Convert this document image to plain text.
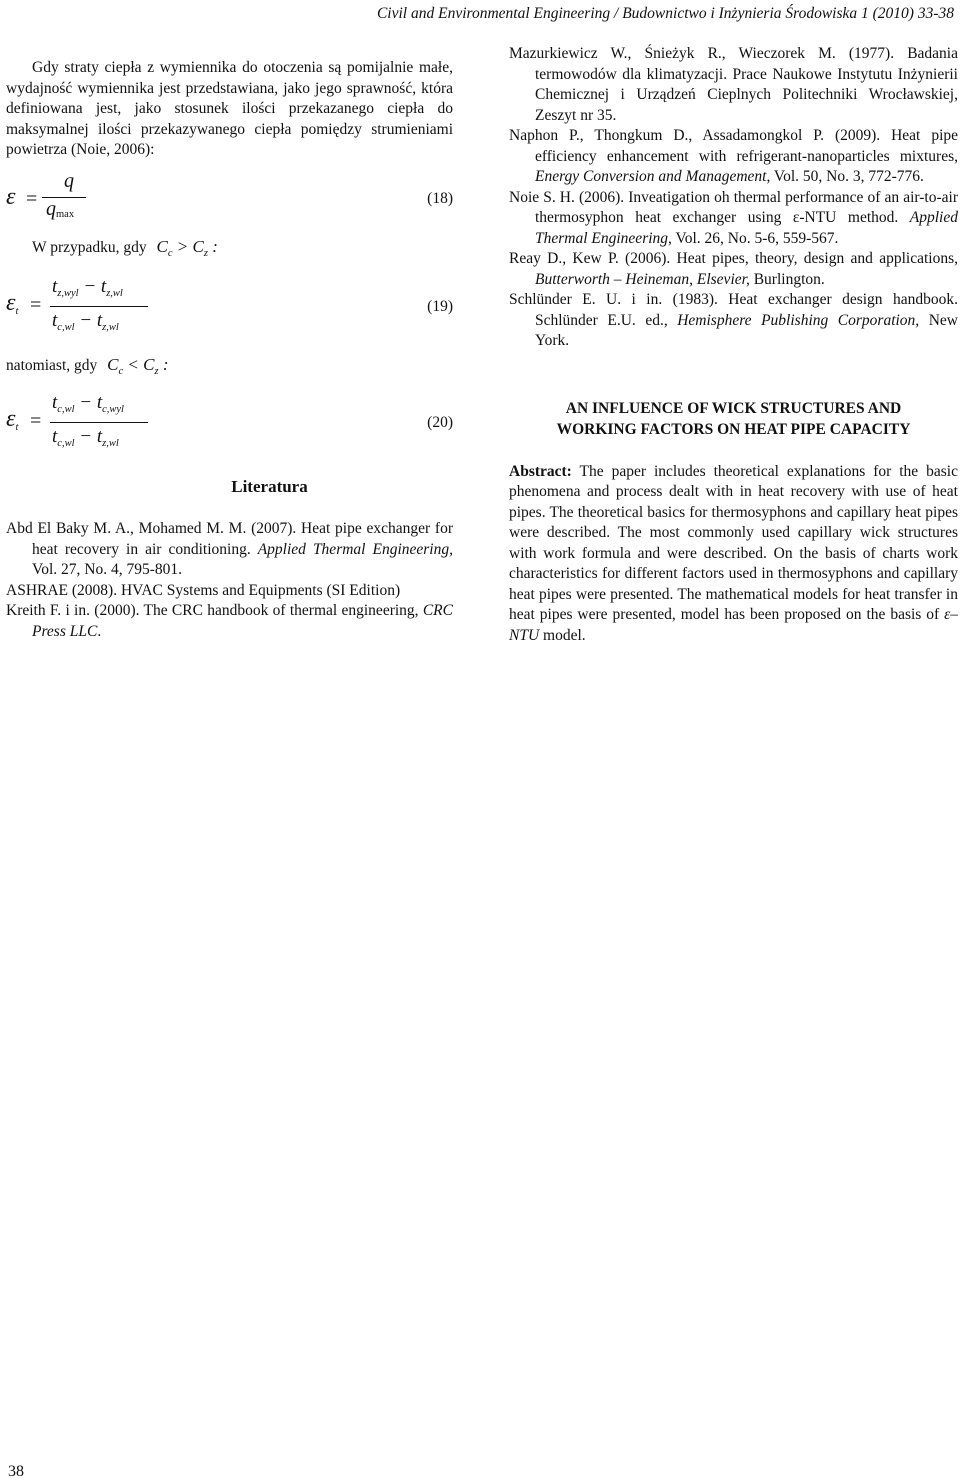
Civil and Environmental Engineering / Budownictwo i Inżynieria Środowiska 1 (2010) 33-38

Gdy straty ciepła z wymiennika do otoczenia są pomijalnie małe, wydajność wymiennika jest przedstawiana, jako jego sprawność, która definiowana jest, jako stosunek ilości przekazanego ciepła do maksymalnej ilości przekazywanego ciepła pomiędzy strumieniami powietrza (Noie, 2006):

ε =
q
qmax
(18)
W przypadku, gdy $C_c > C_z$ :
εt =
$t_{z,wyl} - t_{z,wl}$
$t_{c,wl} - t_{z,wl}$
(19)
natomiast, gdy $C_c < C_z$ :
εt =
$t_{c,wl} - t_{c,wyl}$
$t_{c,wl} - t_{z,wl}$
(20)

Literatura

Abd El Baky M. A., Mohamed M. M. (2007). Heat pipe exchanger for heat recovery in air conditioning. Applied Thermal Engineering, Vol. 27, No. 4, 795-801.

ASHRAE (2008). HVAC Systems and Equipments (SI Edition)

Kreith F. i in. (2000). The CRC handbook of thermal engineering, CRC Press LLC.

Mazurkiewicz W., Śnieżyk R., Wieczorek M. (1977). Badania termowodów dla klimatyzacji. Prace Naukowe Instytutu Inżynierii Chemicznej i Urządzeń Cieplnych Politechniki Wrocławskiej, Zeszyt nr 35.

Naphon P., Thongkum D., Assadamongkol P. (2009). Heat pipe efficiency enhancement with refrigerant-nanoparticles mixtures, Energy Conversion and Management, Vol. 50, No. 3, 772-776.

Noie S. H. (2006). Inveatigation oh thermal performance of an air-to-air thermosyphon heat exchanger using ε-NTU method. Applied Thermal Engineering, Vol. 26, No. 5-6, 559-567.

Reay D., Kew P. (2006). Heat pipes, theory, design and applications, Butterworth – Heineman, Elsevier, Burlington.

Schlünder E. U. i in. (1983). Heat exchanger design handbook. Schlünder E.U. ed., Hemisphere Publishing Corporation, New York.

AN INFLUENCE OF WICK STRUCTURES AND WORKING FACTORS ON HEAT PIPE CAPACITY

Abstract: The paper includes theoretical explanations for the basic phenomena and process dealt with in heat recovery with use of heat pipes. The theoretical basics for thermosyphons and capillary heat pipes were described. The most commonly used capillary wick structures with work formula and were described. On the basis of charts work characteristics for different factors used in thermosyphons and capillary heat pipes were presented. The mathematical models for heat transfer in heat pipes were presented, model has been proposed on the basis of ε–NTU model.

38
